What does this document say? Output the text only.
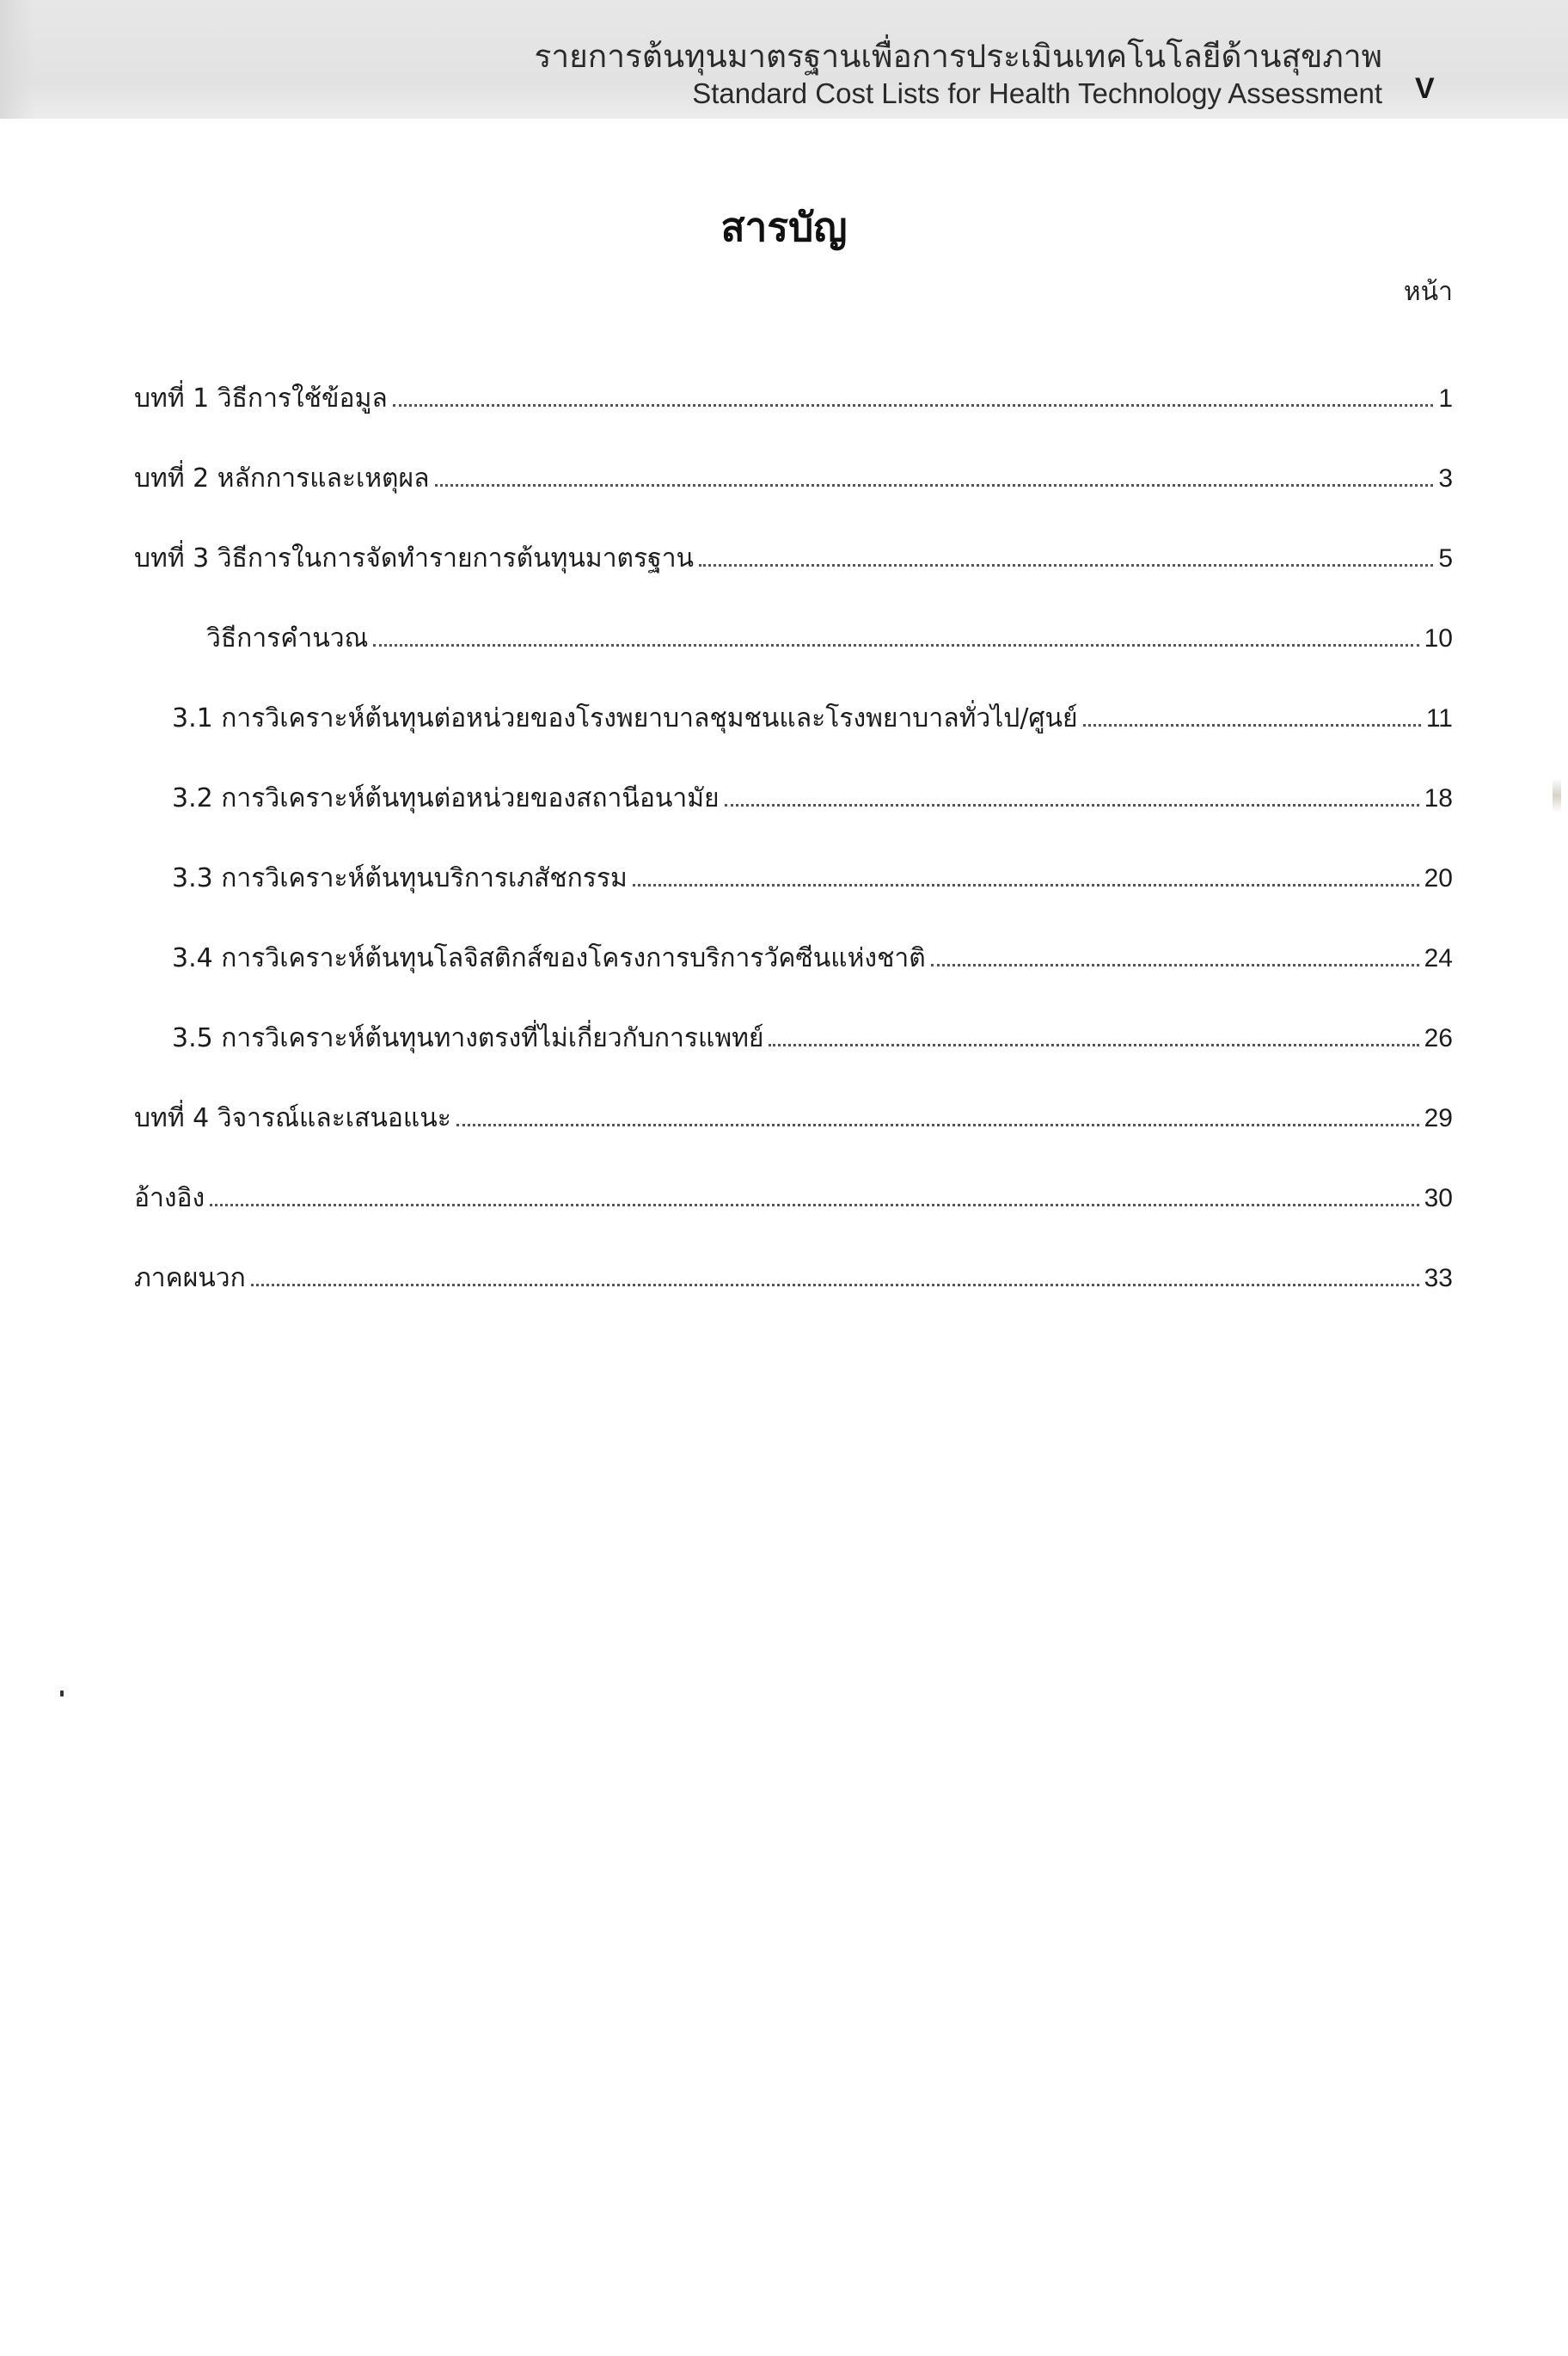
รายการต้นทุนมาตรฐานเพื่อการประเมินเทคโนโลยีด้านสุขภาพ
Standard Cost Lists for Health Technology Assessment V
สารบัญ
หน้า
บทที่ 1 วิธีการใช้ข้อมูล	1
บทที่ 2 หลักการและเหตุผล	3
บทที่ 3 วิธีการในการจัดทำรายการต้นทุนมาตรฐาน	5
วิธีการคำนวณ	10
3.1 การวิเคราะห์ต้นทุนต่อหน่วยของโรงพยาบาลชุมชนและโรงพยาบาลทั่วไป/ศูนย์	11
3.2 การวิเคราะห์ต้นทุนต่อหน่วยของสถานีอนามัย	18
3.3 การวิเคราะห์ต้นทุนบริการเภสัชกรรม	20
3.4 การวิเคราะห์ต้นทุนโลจิสติกส์ของโครงการบริการวัคซีนแห่งชาติ	24
3.5 การวิเคราะห์ต้นทุนทางตรงที่ไม่เกี่ยวกับการแพทย์	26
บทที่ 4 วิจารณ์และเสนอแนะ	29
อ้างอิง	30
ภาคผนวก	33
